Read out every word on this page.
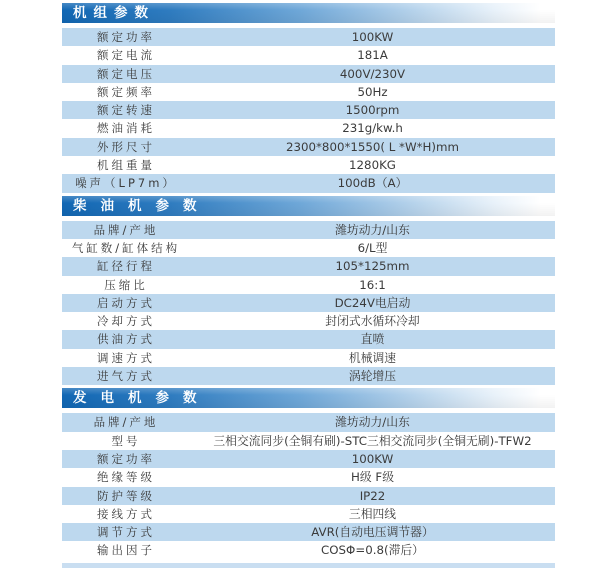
机组参数
额定功率	100KW
额定电流	181A
额定电压	400V/230V
额定频率	50Hz
额定转速	1500rpm
燃油消耗	231g/kw.h
外形尺寸	2300*800*1550( L *W*H)mm
机组重量	1280KG
噪声（LP7m）	100dB（A）
柴油机参数
品牌/产地	潍坊动力/山东
气缸数/缸体结构	6/L型
缸径行程	105*125mm
压缩比	16:1
启动方式	DC24V电启动
冷却方式	封闭式水循环冷却
供油方式	直喷
调速方式	机械调速
进气方式	涡轮增压
发电机参数
品牌/产地	潍坊动力/山东
型号	三相交流同步(全铜有刷)-STC三相交流同步(全铜无刷)-TFW2
额定功率	100KW
绝缘等级	H级 F级
防护等级	IP22
接线方式	三相四线
调节方式	AVR(自动电压调节器）
输出因子	COSΦ=0.8(滞后）
